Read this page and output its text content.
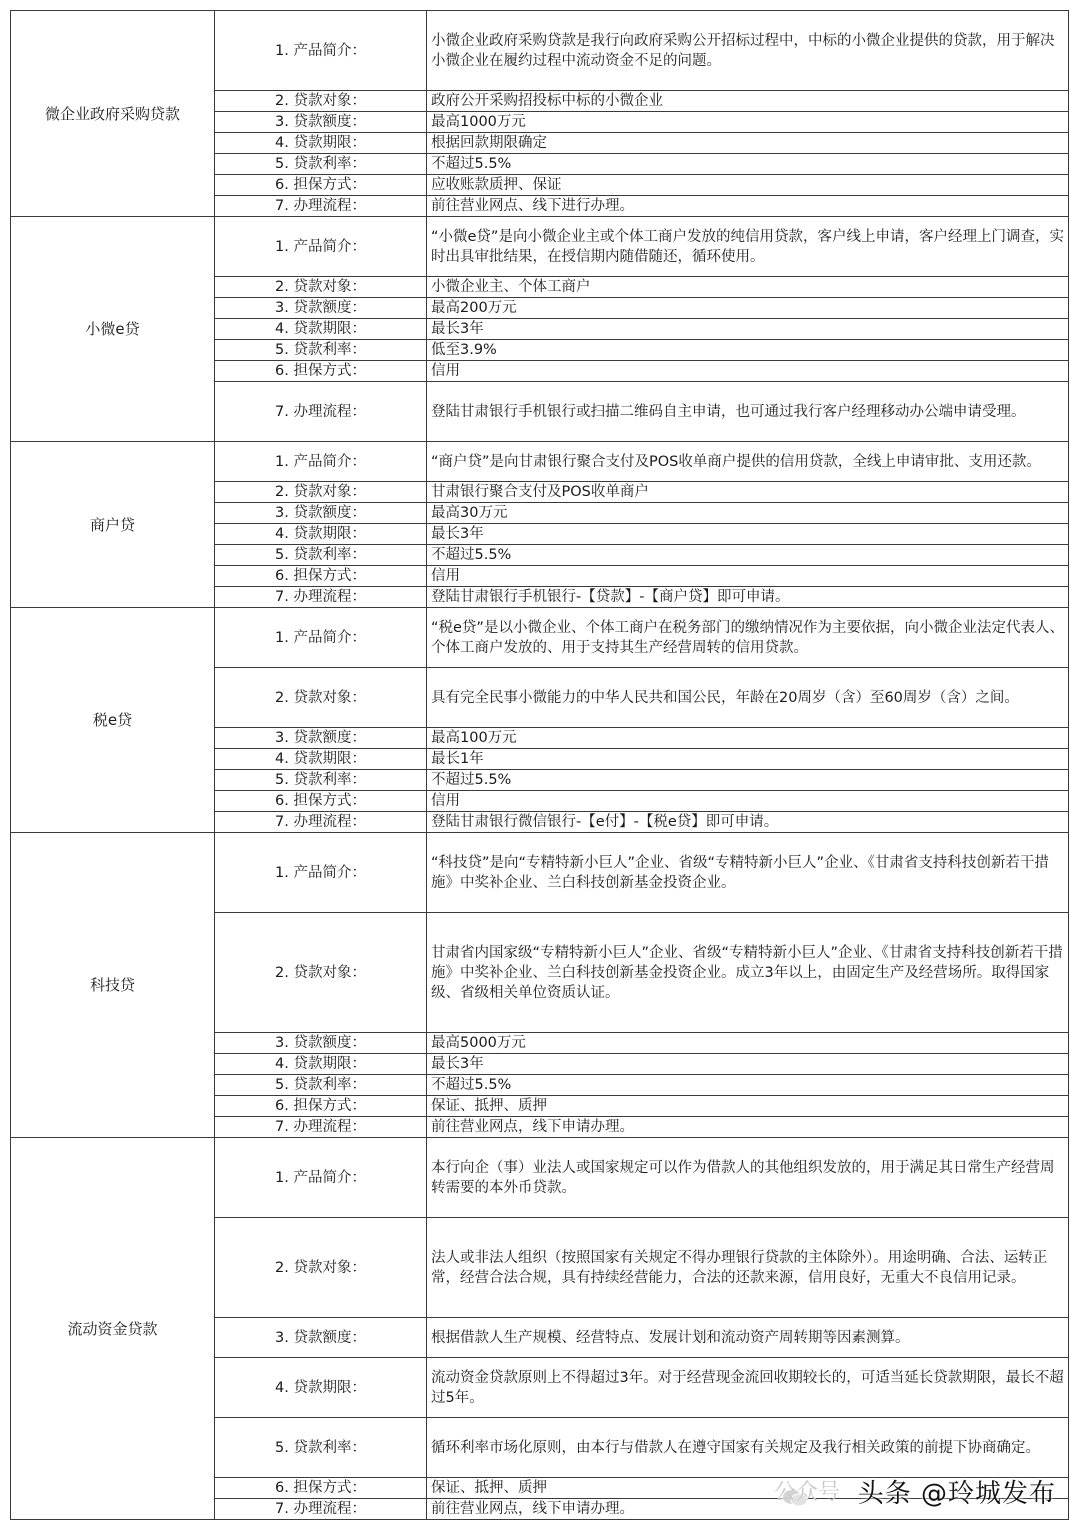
微企业政府采购贷款	1. 产品简介：	小微企业政府采购贷款是我行向政府采购公开招标过程中，中标的小微企业提供的贷款，用于解决小微企业在履约过程中流动资金不足的问题。
	2. 贷款对象：	政府公开采购招投标中标的小微企业
	3. 贷款额度：	最高1000万元
	4. 贷款期限：	根据回款期限确定
	5. 贷款利率：	不超过5.5%
	6. 担保方式：	应收账款质押、保证
	7. 办理流程：	前往营业网点、线下进行办理。
小微e贷	1. 产品简介：	“小微e贷”是向小微企业主或个体工商户发放的纯信用贷款，客户线上申请，客户经理上门调查，实时出具审批结果，在授信期内随借随还，循环使用。
	2. 贷款对象：	小微企业主、个体工商户
	3. 贷款额度：	最高200万元
	4. 贷款期限：	最长3年
	5. 贷款利率：	低至3.9%
	6. 担保方式：	信用
	7. 办理流程：	登陆甘肃银行手机银行或扫描二维码自主申请，也可通过我行客户经理移动办公端申请受理。
商户贷	1. 产品简介：	“商户贷”是向甘肃银行聚合支付及POS收单商户提供的信用贷款，全线上申请审批、支用还款。
	2. 贷款对象：	甘肃银行聚合支付及POS收单商户
	3. 贷款额度：	最高30万元
	4. 贷款期限：	最长3年
	5. 贷款利率：	不超过5.5%
	6. 担保方式：	信用
	7. 办理流程：	登陆甘肃银行手机银行-【贷款】-【商户贷】即可申请。
税e贷	1. 产品简介：	“税e贷”是以小微企业、个体工商户在税务部门的缴纳情况作为主要依据，向小微企业法定代表人、个体工商户发放的、用于支持其生产经营周转的信用贷款。
	2. 贷款对象：	具有完全民事小微能力的中华人民共和国公民，年龄在20周岁（含）至60周岁（含）之间。
	3. 贷款额度：	最高100万元
	4. 贷款期限：	最长1年
	5. 贷款利率：	不超过5.5%
	6. 担保方式：	信用
	7. 办理流程：	登陆甘肃银行微信银行-【e付】-【税e贷】即可申请。
科技贷	1. 产品简介：	“科技贷”是向“专精特新小巨人”企业、省级“专精特新小巨人”企业、《甘肃省支持科技创新若干措施》中奖补企业、兰白科技创新基金投资企业。
	2. 贷款对象：	甘肃省内国家级“专精特新小巨人”企业、省级“专精特新小巨人”企业、《甘肃省支持科技创新若干措施》中奖补企业、兰白科技创新基金投资企业。成立3年以上，由固定生产及经营场所。取得国家级、省级相关单位资质认证。
	3. 贷款额度：	最高5000万元
	4. 贷款期限：	最长3年
	5. 贷款利率：	不超过5.5%
	6. 担保方式：	保证、抵押、质押
	7. 办理流程：	前往营业网点，线下申请办理。
流动资金贷款	1. 产品简介：	本行向企（事）业法人或国家规定可以作为借款人的其他组织发放的，用于满足其日常生产经营周转需要的本外币贷款。
	2. 贷款对象：	法人或非法人组织（按照国家有关规定不得办理银行贷款的主体除外）。用途明确、合法、运转正常，经营合法合规，具有持续经营能力，合法的还款来源，信用良好，无重大不良信用记录。
	3. 贷款额度：	根据借款人生产规模、经营特点、发展计划和流动资产周转期等因素测算。
	4. 贷款期限：	流动资金贷款原则上不得超过3年。对于经营现金流回收期较长的，可适当延长贷款期限，最长不超过5年。
	5. 贷款利率：	循环利率市场化原则，由本行与借款人在遵守国家有关规定及我行相关政策的前提下协商确定。
	6. 担保方式：	保证、抵押、质押
	7. 办理流程：	前往营业网点，线下申请办理。
公众号 头条 @玲城发布
